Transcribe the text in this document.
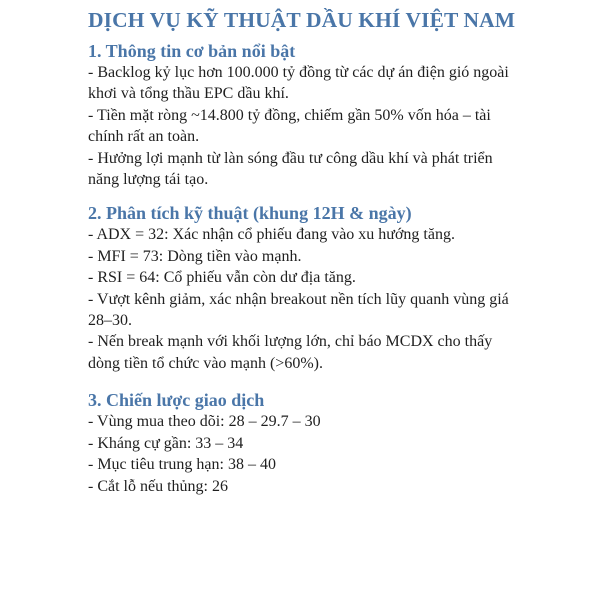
DỊCH VỤ KỸ THUẬT DẦU KHÍ VIỆT NAM
1. Thông tin cơ bản nổi bật
- Backlog kỷ lục hơn 100.000 tỷ đồng từ các dự án điện gió ngoài khơi và tổng thầu EPC dầu khí.
- Tiền mặt ròng ~14.800 tỷ đồng, chiếm gần 50% vốn hóa – tài chính rất an toàn.
- Hưởng lợi mạnh từ làn sóng đầu tư công dầu khí và phát triển năng lượng tái tạo.
2. Phân tích kỹ thuật (khung 12H & ngày)
- ADX = 32: Xác nhận cổ phiếu đang vào xu hướng tăng.
- MFI = 73: Dòng tiền vào mạnh.
- RSI = 64: Cổ phiếu vẫn còn dư địa tăng.
- Vượt kênh giảm, xác nhận breakout nền tích lũy quanh vùng giá 28–30.
- Nến break mạnh với khối lượng lớn, chỉ báo MCDX cho thấy dòng tiền tổ chức vào mạnh (>60%).
3. Chiến lược giao dịch
- Vùng mua theo dõi: 28 – 29.7 – 30
- Kháng cự gần: 33 – 34
- Mục tiêu trung hạn: 38 – 40
- Cắt lỗ nếu thủng: 26
